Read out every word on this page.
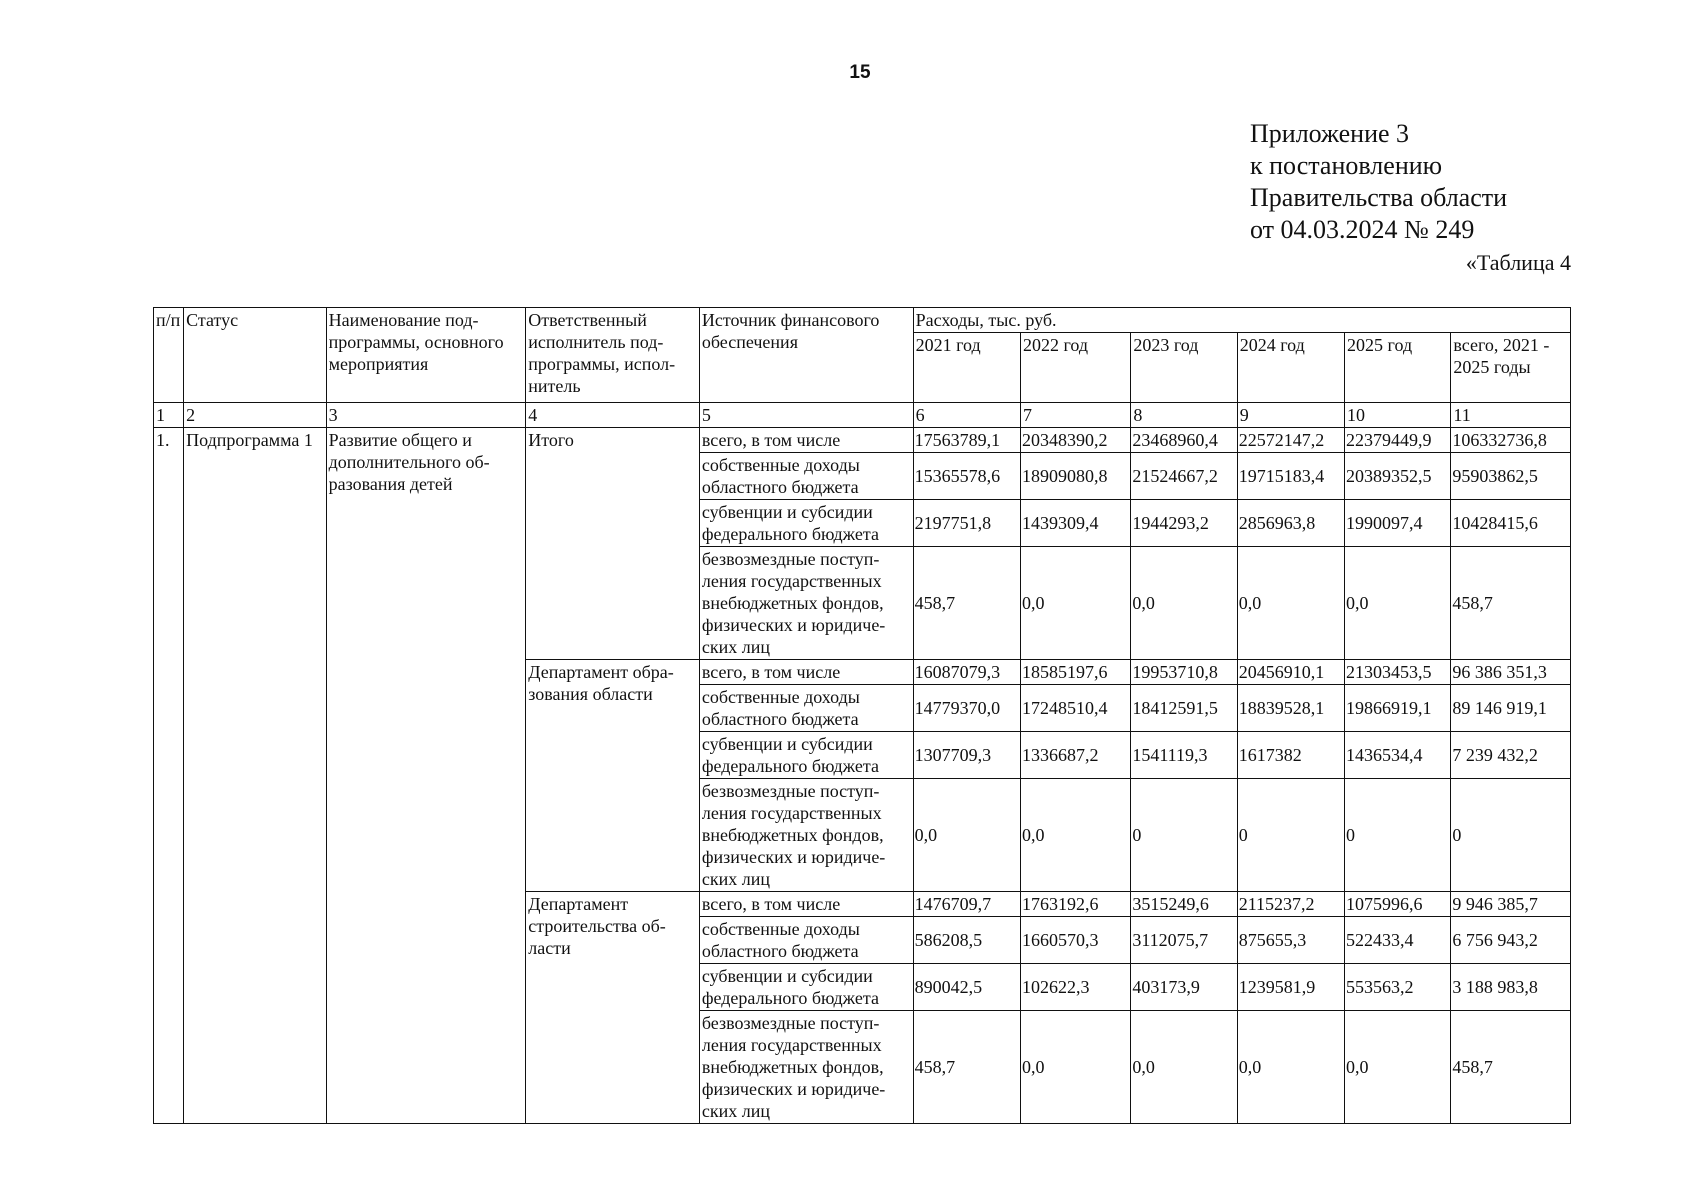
15
Приложение 3
к постановлению
Правительства области
от 04.03.2024 № 249
«Таблица 4
п/п	Статус	Наименование под-программы, основного мероприятия	Ответственный исполнитель под-программы, испол-нитель	Источник финансового обеспечения	Расходы, тыс. руб.					
					2021 год	2022 год	2023 год	2024 год	2025 год	всего, 2021 - 2025 годы
1	2	3	4	5	6	7	8	9	10	11
1.	Подпрограмма 1	Развитие общего и дополнительного об-разования детей	Итого	всего, в том числе	17563789,1	20348390,2	23468960,4	22572147,2	22379449,9	106332736,8
				собственные доходы областного бюджета	15365578,6	18909080,8	21524667,2	19715183,4	20389352,5	95903862,5
				субвенции и субсидии федерального бюджета	2197751,8	1439309,4	1944293,2	2856963,8	1990097,4	10428415,6
				безвозмездные поступ-ления государственных внебюджетных фондов, физических и юридиче-ских лиц	458,7	0,0	0,0	0,0	0,0	458,7
			Департамент обра-зования области	всего, в том числе	16087079,3	18585197,6	19953710,8	20456910,1	21303453,5	96 386 351,3
				собственные доходы областного бюджета	14779370,0	17248510,4	18412591,5	18839528,1	19866919,1	89 146 919,1
				субвенции и субсидии федерального бюджета	1307709,3	1336687,2	1541119,3	1617382	1436534,4	7 239 432,2
				безвозмездные поступ-ления государственных внебюджетных фондов, физических и юридиче-ских лиц	0,0	0,0	0	0	0	0
			Департамент строительства об-ласти	всего, в том числе	1476709,7	1763192,6	3515249,6	2115237,2	1075996,6	9 946 385,7
				собственные доходы областного бюджета	586208,5	1660570,3	3112075,7	875655,3	522433,4	6 756 943,2
				субвенции и субсидии федерального бюджета	890042,5	102622,3	403173,9	1239581,9	553563,2	3 188 983,8
				безвозмездные поступ-ления государственных внебюджетных фондов, физических и юридиче-ских лиц	458,7	0,0	0,0	0,0	0,0	458,7
